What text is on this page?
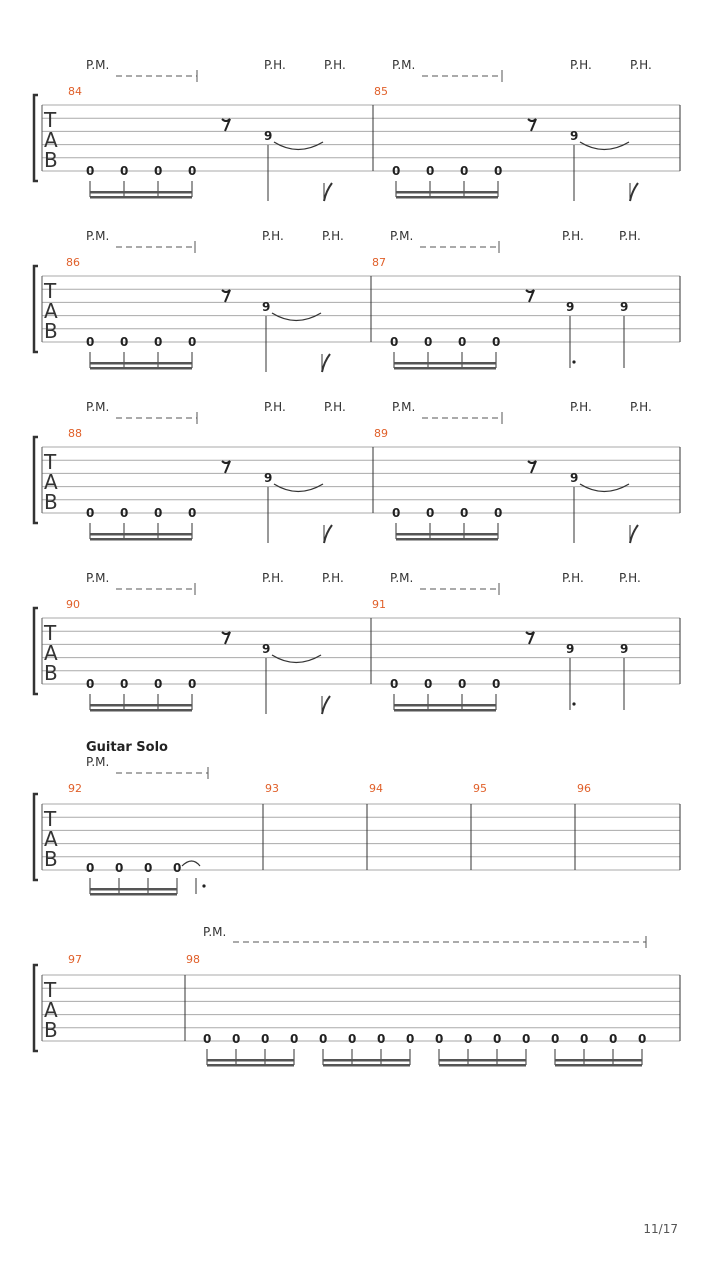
T
A
B
84	85
P.M.	P.H.	P.H.
0 0 0 0
9
P.M.	P.H.	P.H.
0 0 0 0
9
T
A
B
86	87
P.M.	P.H.	P.H.
0 0 0 0
9
P.M.	P.H.	P.H.
0 0 0 0
9	9
T
A
B
88	89
P.M.	P.H.	P.H.
0 0 0 0
9
P.M.	P.H.	P.H.
0 0 0 0
9
T
A
B
90	91
P.M.	P.H.	P.H.
0 0 0 0
9
P.M.	P.H.	P.H.
0 0 0 0
9	9
Guitar Solo
T
A
B
92	93	94	95	96
P.M.
0 0 0 0
T
A
B
97	98
P.M.
0 0 0 0 0 0 0 0 0 0 0 0 0 0 0 0
11/17
